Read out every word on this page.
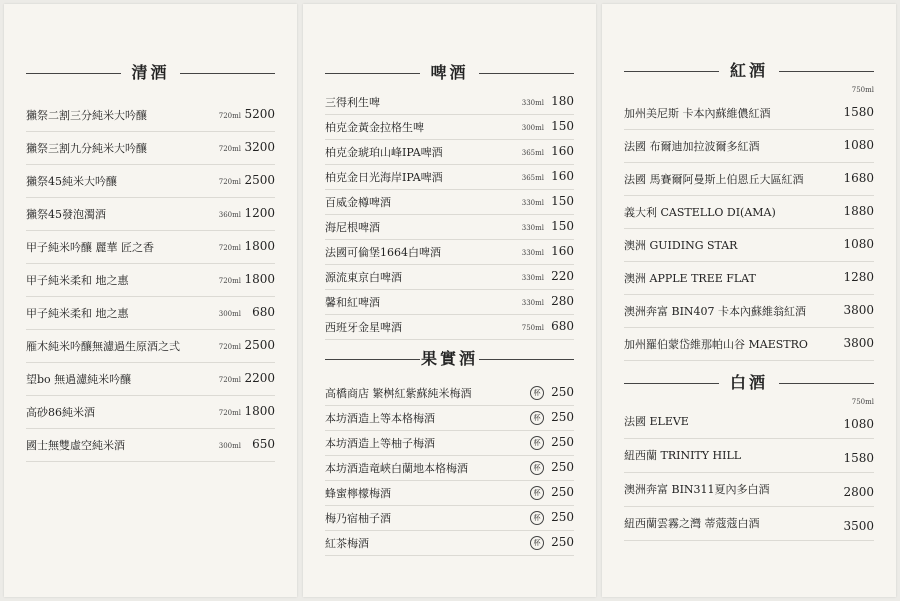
清酒
獺祭二割三分純米大吟釀	720ml 5200
獺祭三割九分純米大吟釀	720ml 3200
獺祭45純米大吟釀	720ml 2500
獺祭45發泡濁酒	360ml 1200
甲子純米吟釀 麗華 匠之香	720ml 1800
甲子純米柔和 地之惠	720ml 1800
甲子純米柔和 地之惠	300ml 680
雁木純米吟釀無濾過生原酒之弍	720ml 2500
望bo 無過濾純米吟釀	720ml 2200
高砂86純米酒	720ml 1800
國士無雙虛空純米酒	300ml 650
啤酒
三得利生啤	330ml 180
柏克金黃金拉格生啤	300ml 150
柏克金琥珀山峰IPA啤酒	365ml 160
柏克金日光海岸IPA啤酒	365ml 160
百威金樽啤酒	330ml 150
海尼根啤酒	330ml 150
法國可倫堡1664白啤酒	330ml 160
源流東京白啤酒	330ml 220
馨和紅啤酒	330ml 280
西班牙金星啤酒	750ml 680
果實酒
高橋商店 繁桝紅紫蘇純米梅酒	杯 250
本坊酒造上等本格梅酒	杯 250
本坊酒造上等柚子梅酒	杯 250
本坊酒造竜峽白蘭地本格梅酒	杯 250
蜂蜜檸檬梅酒	杯 250
梅乃宿柚子酒	杯 250
紅茶梅酒	杯 250
紅酒
750ml
加州美尼斯 卡本內蘇維儂紅酒	1580
法國 布爾迪加拉波爾多紅酒	1080
法國 馬賽爾阿曼斯上伯恩丘大區紅酒	1680
義大利 CASTELLO DI(AMA)	1880
澳洲 GUIDING STAR	1080
澳洲 APPLE TREE FLAT	1280
澳洲奔富 BIN407 卡本內蘇維翁紅酒	3800
加州羅伯蒙岱維那帕山谷 MAESTRO	3800
白酒
750ml
法國 ELEVE	1080
紐西蘭 TRINITY HILL	1580
澳洲奔富 BIN311夏內多白酒	2800
紐西蘭雲霧之灣 蒂蔻蔻白酒	3500
